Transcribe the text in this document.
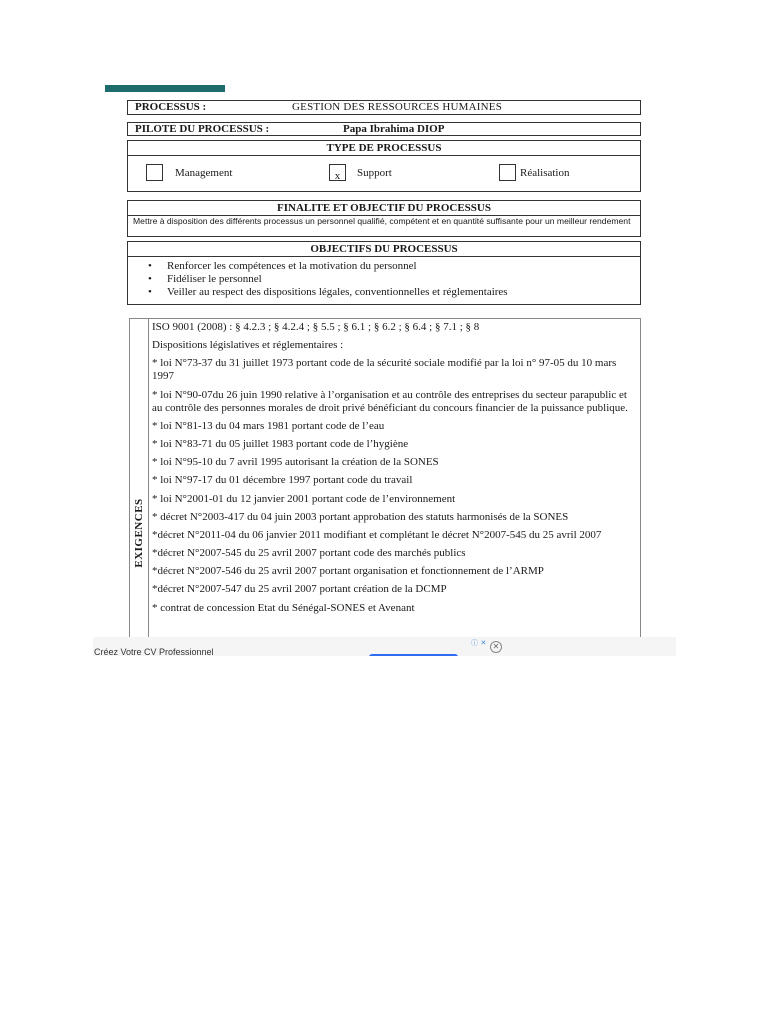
PROCESSUS :	GESTION DES RESSOURCES HUMAINES
PILOTE DU PROCESSUS :	Papa Ibrahima DIOP
TYPE DE PROCESSUS
Management	x	Support	Réalisation
FINALITE ET OBJECTIF DU PROCESSUS
Mettre à disposition des différents processus un personnel qualifié, compétent et en quantité suffisante pour un meilleur rendement
OBJECTIFS DU PROCESSUS
• Renforcer les compétences et la motivation du personnel
• Fidéliser le personnel
• Veiller au respect des dispositions légales, conventionnelles et réglementaires
EXIGENCES
ISO 9001 (2008) : § 4.2.3 ; § 4.2.4 ; § 5.5 ; § 6.1 ; § 6.2 ; § 6.4 ; § 7.1 ; § 8
Dispositions législatives et réglementaires :
* loi N°73-37 du 31 juillet 1973 portant code de la sécurité sociale modifié par la loi n° 97-05 du 10 mars 1997
* loi N°90-07du 26 juin 1990 relative à l’organisation et au contrôle des entreprises du secteur parapublic et au contrôle des personnes morales de droit privé bénéficiant du concours financier de la puissance publique.
* loi N°81-13 du 04 mars 1981 portant code de l’eau
* loi N°83-71 du 05 juillet 1983 portant code de l’hygiène
* loi N°95-10 du 7 avril 1995 autorisant la création de la SONES
* loi N°97-17 du 01 décembre 1997 portant code du travail
* loi N°2001-01 du 12 janvier 2001 portant code de l’environnement
* décret N°2003-417 du 04 juin 2003 portant approbation des statuts harmonisés de la SONES
*décret N°2011-04 du 06 janvier 2011 modifiant et complétant le décret N°2007-545 du 25 avril 2007
*décret N°2007-545 du 25 avril 2007 portant code des marchés publics
*décret N°2007-546 du 25 avril 2007 portant organisation et fonctionnement de l’ARMP
*décret N°2007-547 du 25 avril 2007 portant création de la DCMP
* contrat de concession Etat du Sénégal-SONES et Avenant
Créez Votre CV Professionnel
ⓘ ✕ ✕
